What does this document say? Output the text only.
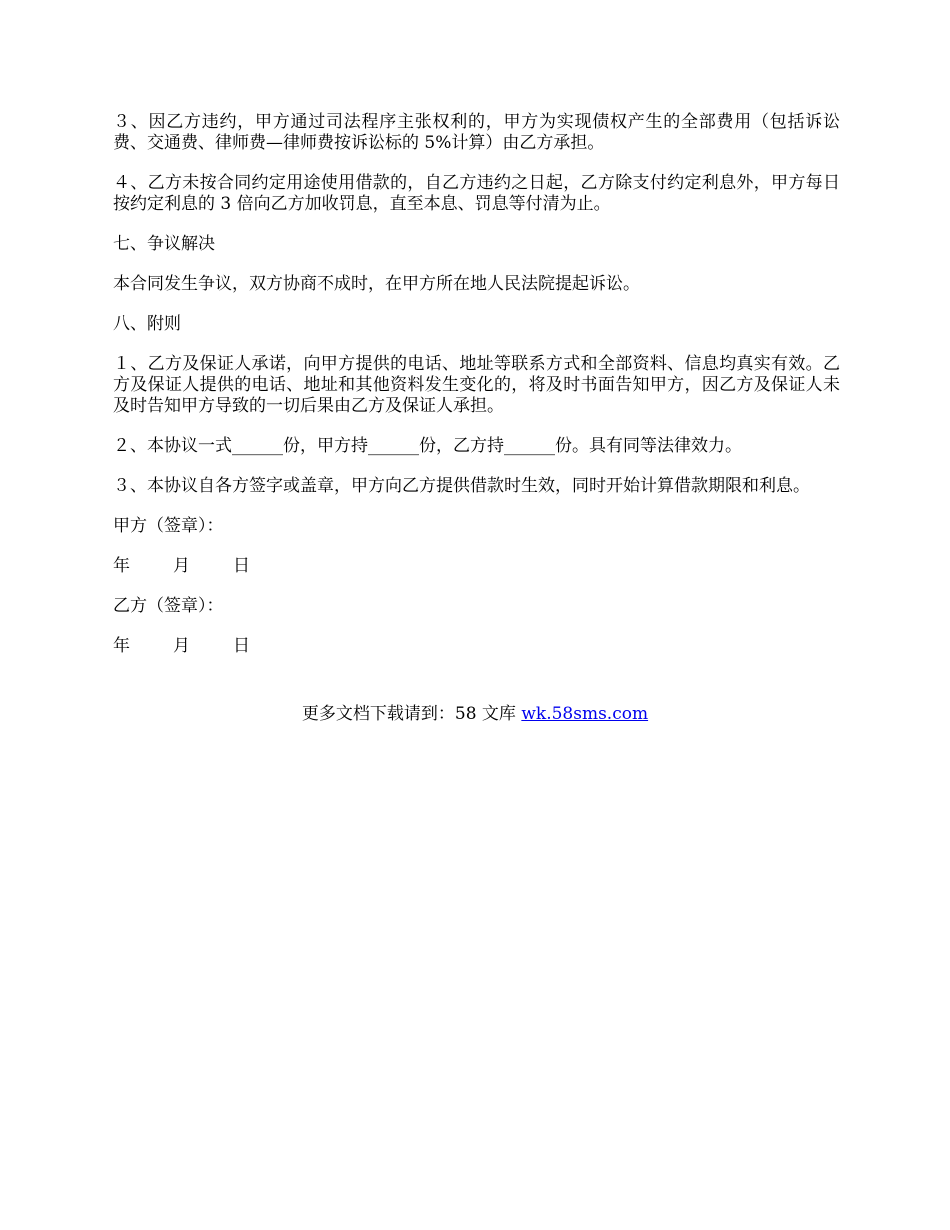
３、因乙方违约，甲方通过司法程序主张权利的，甲方为实现债权产生的全部费用（包括诉讼费、交通费、律师费—律师费按诉讼标的 5%计算）由乙方承担。

４、乙方未按合同约定用途使用借款的，自乙方违约之日起，乙方除支付约定利息外，甲方每日按约定利息的 3 倍向乙方加收罚息，直至本息、罚息等付清为止。

七、争议解决

本合同发生争议，双方协商不成时，在甲方所在地人民法院提起诉讼。

八、附则

１、乙方及保证人承诺，向甲方提供的电话、地址等联系方式和全部资料、信息均真实有效。乙方及保证人提供的电话、地址和其他资料发生变化的，将及时书面告知甲方，因乙方及保证人未及时告知甲方导致的一切后果由乙方及保证人承担。

２、本协议一式______份，甲方持______份，乙方持______份。具有同等法律效力。

３、本协议自各方签字或盖章，甲方向乙方提供借款时生效，同时开始计算借款期限和利息。

甲方（签章）：

年	月	日

乙方（签章）：

年	月	日
更多文档下载请到：58 文库 wk.58sms.com
